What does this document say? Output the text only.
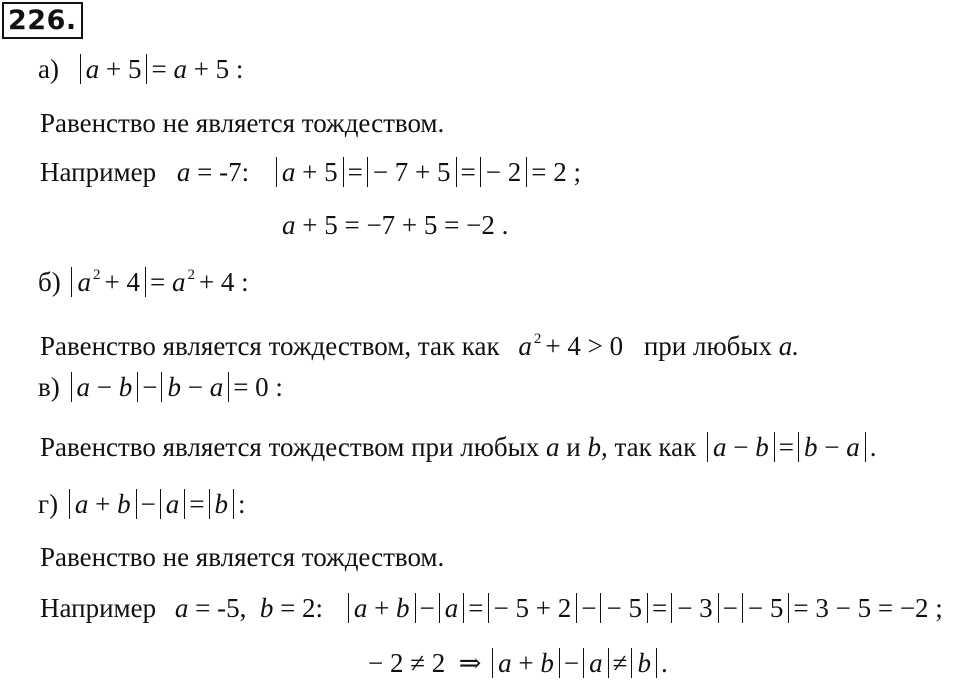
226.
а) a + 5 = a + 5 :
Равенство не является тождеством.
Например a = -7: a + 5 = − 7 + 5 = − 2 = 2 ;
a + 5 = −7 + 5 = −2 .
б) a $^2$ + 4 = a $^2$ + 4 :
Равенство является тождеством, так как a $^2$ + 4 > 0 при любых a.
в) a − b − b − a = 0 :
Равенство является тождеством при любых a и b, так как a − b = b − a .
г) a + b − a = b :
Равенство не является тождеством.
Например a = -5,  b = 2: a + b − a = − 5 + 2 − − 5 = − 3 − − 5 = 3 − 5 = −2 ;
− 2 ≠ 2  ⇒ a + b − a ≠ b .
